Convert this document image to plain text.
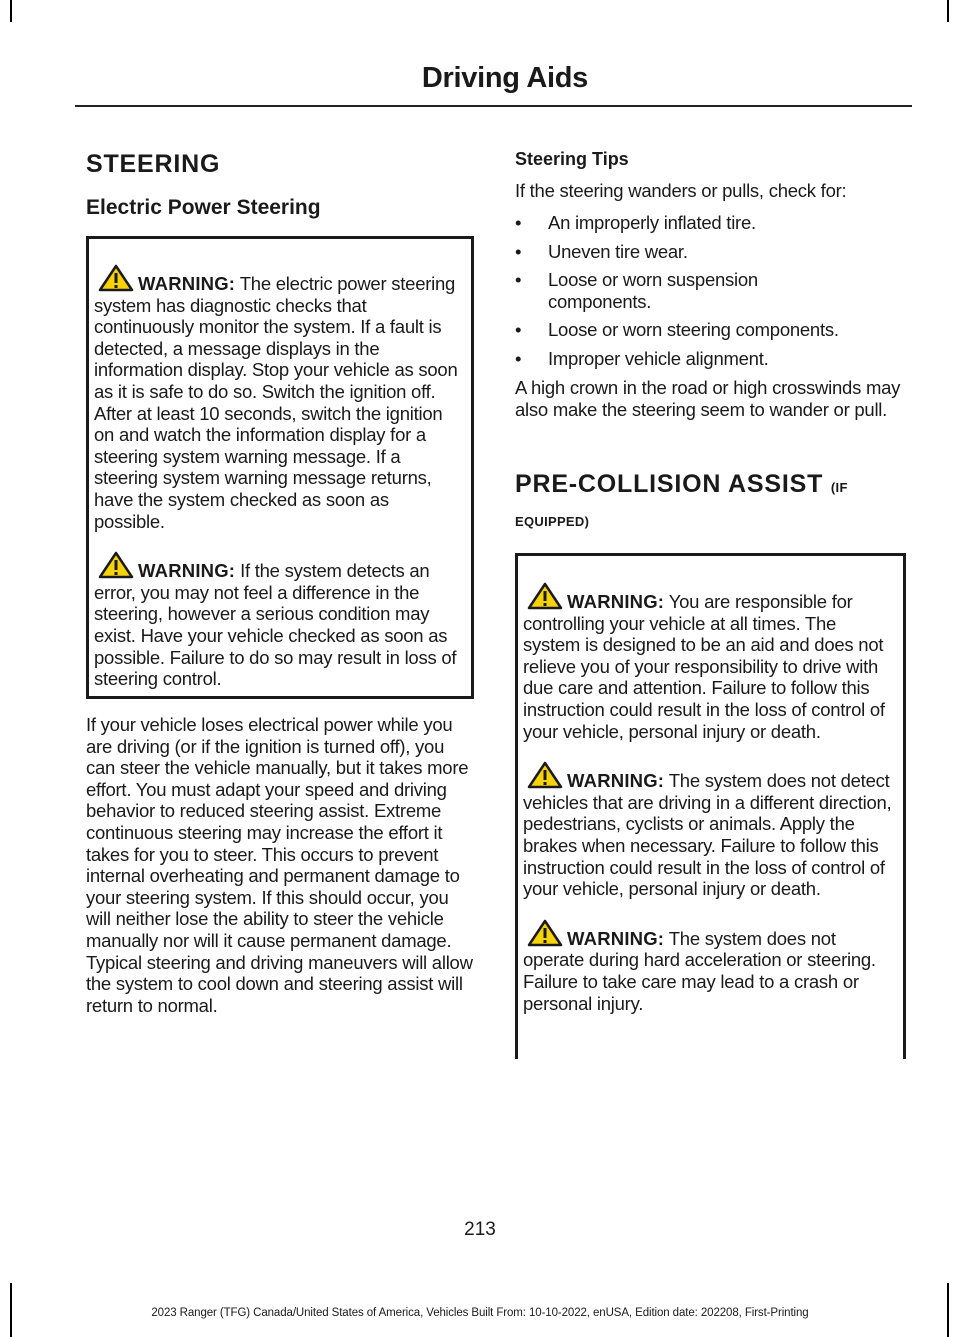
Driving Aids
STEERING
Electric Power Steering

WARNING: The electric power steering system has diagnostic checks that continuously monitor the system. If a fault is detected, a message displays in the information display. Stop your vehicle as soon as it is safe to do so. Switch the ignition off. After at least 10 seconds, switch the ignition on and watch the information display for a steering system warning message. If a steering system warning message returns, have the system checked as soon as possible.

WARNING: If the system detects an error, you may not feel a difference in the steering, however a serious condition may exist. Have your vehicle checked as soon as possible. Failure to do so may result in loss of steering control.

If your vehicle loses electrical power while you are driving (or if the ignition is turned off), you can steer the vehicle manually, but it takes more effort. You must adapt your speed and driving behavior to reduced steering assist. Extreme continuous steering may increase the effort it takes for you to steer. This occurs to prevent internal overheating and permanent damage to your steering system. If this should occur, you will neither lose the ability to steer the vehicle manually nor will it cause permanent damage. Typical steering and driving maneuvers will allow the system to cool down and steering assist will return to normal.

Steering Tips

If the steering wanders or pulls, check for:

• An improperly inflated tire.
• Uneven tire wear.
• Loose or worn suspension components.
• Loose or worn steering components.
• Improper vehicle alignment.

A high crown in the road or high crosswinds may also make the steering seem to wander or pull.

PRE-COLLISION ASSIST (IF
EQUIPPED)

WARNING: You are responsible for controlling your vehicle at all times. The system is designed to be an aid and does not relieve you of your responsibility to drive with due care and attention. Failure to follow this instruction could result in the loss of control of your vehicle, personal injury or death.

WARNING: The system does not detect vehicles that are driving in a different direction, pedestrians, cyclists or animals. Apply the brakes when necessary. Failure to follow this instruction could result in the loss of control of your vehicle, personal injury or death.

WARNING: The system does not operate during hard acceleration or steering. Failure to take care may lead to a crash or personal injury.

213
2023 Ranger (TFG) Canada/United States of America, Vehicles Built From: 10-10-2022, enUSA, Edition date: 202208, First-Printing
